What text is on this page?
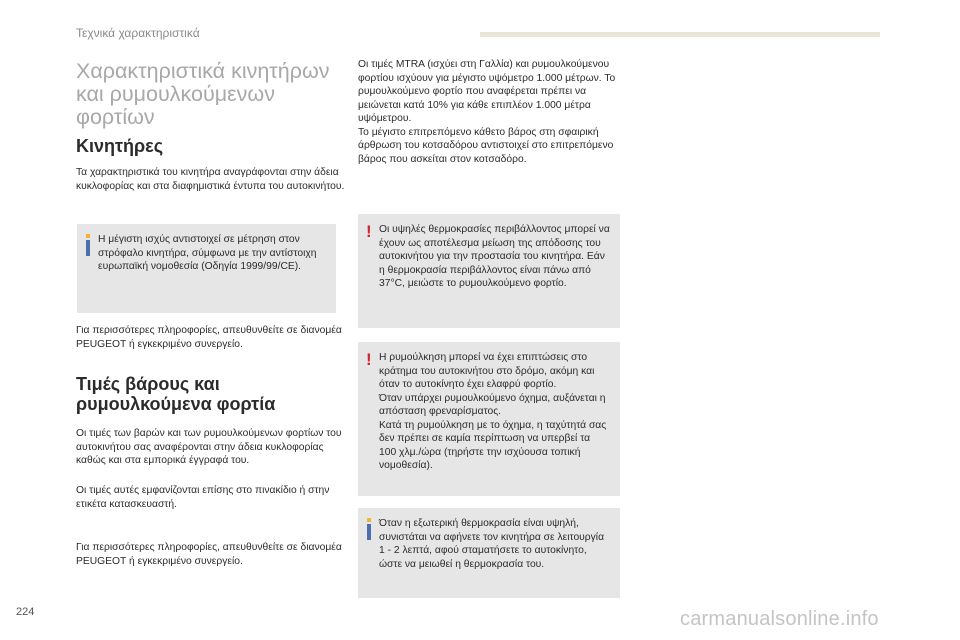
Τεχνικά χαρακτηριστικά
Χαρακτηριστικά κινητήρων και ρυμουλκούμενων φορτίων
Κινητήρες
Τα χαρακτηριστικά του κινητήρα αναγράφονται στην άδεια κυκλοφορίας και στα διαφημιστικά έντυπα του αυτοκινήτου.
Η μέγιστη ισχύς αντιστοιχεί σε μέτρηση στον στρόφαλο κινητήρα, σύμφωνα με την αντίστοιχη ευρωπαϊκή νομοθεσία (Οδηγία 1999/99/CE).
Για περισσότερες πληροφορίες, απευθυνθείτε σε διανομέα PEUGEOT ή εγκεκριμένο συνεργείο.
Τιμές βάρους και
ρυμουλκούμενα φορτία
Οι τιμές των βαρών και των ρυμουλκούμενων φορτίων του αυτοκινήτου σας αναφέρονται στην άδεια κυκλοφορίας καθώς και στα εμπορικά έγγραφά του.
Οι τιμές αυτές εμφανίζονται επίσης στο πινακίδιο ή στην ετικέτα κατασκευαστή.
Για περισσότερες πληροφορίες, απευθυνθείτε σε διανομέα PEUGEOT ή εγκεκριμένο συνεργείο.
Οι τιμές MTRA (ισχύει στη Γαλλία) και ρυμουλκούμενου φορτίου ισχύουν για μέγιστο υψόμετρο 1.000 μέτρων. Το ρυμουλκούμενο φορτίο που αναφέρεται πρέπει να μειώνεται κατά 10% για κάθε επιπλέον 1.000 μέτρα υψόμετρου.
Το μέγιστο επιτρεπόμενο κάθετο βάρος στη σφαιρική άρθρωση του κοτσαδόρου αντιστοιχεί στο επιτρεπόμενο βάρος που ασκείται στον κοτσαδόρο.
! Οι υψηλές θερμοκρασίες περιβάλλοντος μπορεί να έχουν ως αποτέλεσμα μείωση της απόδοσης του αυτοκινήτου για την προστασία του κινητήρα. Εάν η θερμοκρασία περιβάλλοντος είναι πάνω από 37°C, μειώστε το ρυμουλκούμενο φορτίο.
! Η ρυμούλκηση μπορεί να έχει επιπτώσεις στο κράτημα του αυτοκινήτου στο δρόμο, ακόμη και όταν το αυτοκίνητο έχει ελαφρύ φορτίο.
Όταν υπάρχει ρυμουλκούμενο όχημα, αυξάνεται η απόσταση φρεναρίσματος.
Κατά τη ρυμούλκηση με το όχημα, η ταχύτητά σας δεν πρέπει σε καμία περίπτωση να υπερβεί τα 100 χλμ./ώρα (τηρήστε την ισχύουσα τοπική νομοθεσία).
Όταν η εξωτερική θερμοκρασία είναι υψηλή, συνιστάται να αφήνετε τον κινητήρα σε λειτουργία 1 - 2 λεπτά, αφού σταματήσετε το αυτοκίνητο, ώστε να μειωθεί η θερμοκρασία του.
224	carmanualsonline.info
